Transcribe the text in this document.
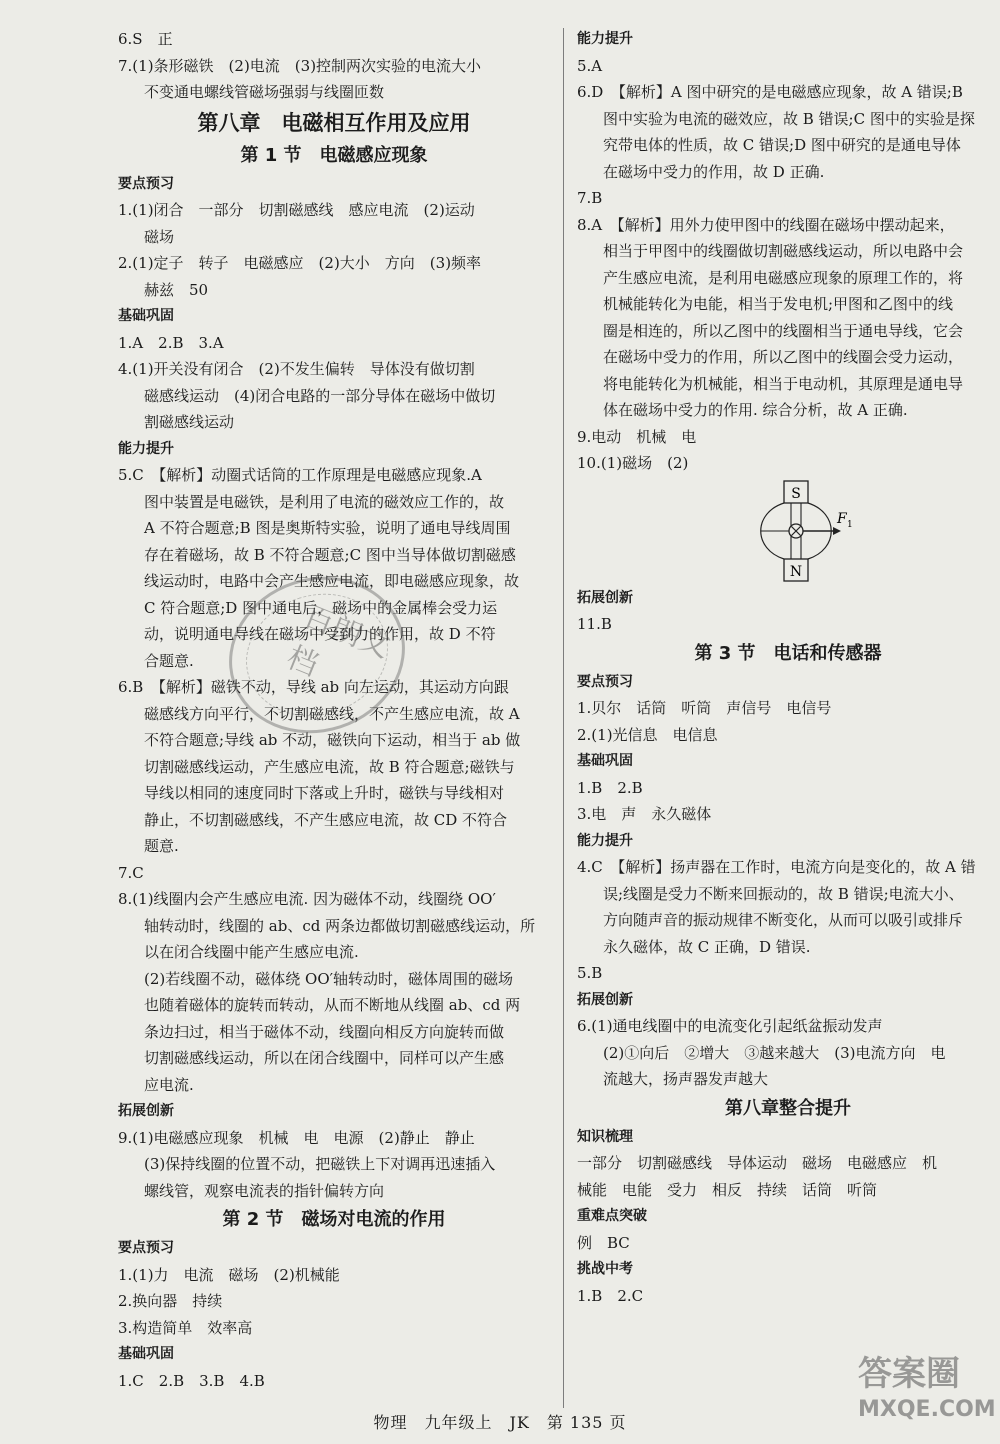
6.S　正

7.(1)条形磁铁　(2)电流　(3)控制两次实验的电流大小

不变通电螺线管磁场强弱与线圈匝数

第八章　电磁相互作用及应用

第 1 节　电磁感应现象

要点预习

1.(1)闭合　一部分　切割磁感线　感应电流　(2)运动

磁场

2.(1)定子　转子　电磁感应　(2)大小　方向　(3)频率

赫兹　50

基础巩固

1.A　2.B　3.A

4.(1)开关没有闭合　(2)不发生偏转　导体没有做切割

磁感线运动　(4)闭合电路的一部分导体在磁场中做切

割磁感线运动

能力提升

5.C　【解析】动圈式话筒的工作原理是电磁感应现象.A

图中装置是电磁铁，是利用了电流的磁效应工作的，故

A 不符合题意;B 图是奥斯特实验，说明了通电导线周围

存在着磁场，故 B 不符合题意;C 图中当导体做切割磁感

线运动时，电路中会产生感应电流，即电磁感应现象，故

C 符合题意;D 图中通电后，磁场中的金属棒会受力运

动，说明通电导线在磁场中受到力的作用，故 D 不符

合题意.

6.B　【解析】磁铁不动，导线 ab 向左运动，其运动方向跟

磁感线方向平行，不切割磁感线，不产生感应电流，故 A

不符合题意;导线 ab 不动，磁铁向下运动，相当于 ab 做

切割磁感线运动，产生感应电流，故 B 符合题意;磁铁与

导线以相同的速度同时下落或上升时，磁铁与导线相对

静止，不切割磁感线，不产生感应电流，故 CD 不符合

题意.

7.C

8.(1)线圈内会产生感应电流. 因为磁体不动，线圈绕 OO′

轴转动时，线圈的 ab、cd 两条边都做切割磁感线运动，所

以在闭合线圈中能产生感应电流.

(2)若线圈不动，磁体绕 OO′轴转动时，磁体周围的磁场

也随着磁体的旋转而转动，从而不断地从线圈 ab、cd 两

条边扫过，相当于磁体不动，线圈向相反方向旋转而做

切割磁感线运动，所以在闭合线圈中，同样可以产生感

应电流.

拓展创新

9.(1)电磁感应现象　机械　电　电源　(2)静止　静止

(3)保持线圈的位置不动，把磁铁上下对调再迅速插入

螺线管，观察电流表的指针偏转方向

第 2 节　磁场对电流的作用

要点预习

1.(1)力　电流　磁场　(2)机械能

2.换向器　持续

3.构造简单　效率高

基础巩固

1.C　2.B　3.B　4.B

能力提升

5.A

6.D　【解析】A 图中研究的是电磁感应现象，故 A 错误;B

图中实验为电流的磁效应，故 B 错误;C 图中的实验是探

究带电体的性质，故 C 错误;D 图中研究的是通电导体

在磁场中受力的作用，故 D 正确.

7.B

8.A　【解析】用外力使甲图中的线圈在磁场中摆动起来，

相当于甲图中的线圈做切割磁感线运动，所以电路中会

产生感应电流，是利用电磁感应现象的原理工作的，将

机械能转化为电能，相当于发电机;甲图和乙图中的线

圈是相连的，所以乙图中的线圈相当于通电导线，它会

在磁场中受力的作用，所以乙图中的线圈会受力运动，

将电能转化为机械能，相当于电动机，其原理是通电导

体在磁场中受力的作用. 综合分析，故 A 正确.

9.电动　机械　电

10.(1)磁场　(2)

S
N
F 1

拓展创新

11.B

第 3 节　电话和传感器

要点预习

1.贝尔　话筒　听筒　声信号　电信号

2.(1)光信息　电信息

基础巩固

1.B　2.B

3.电　声　永久磁体

能力提升

4.C　【解析】扬声器在工作时，电流方向是变化的，故 A 错

误;线圈是受力不断来回振动的，故 B 错误;电流大小、

方向随声音的振动规律不断变化，从而可以吸引或排斥

永久磁体，故 C 正确，D 错误.

5.B

拓展创新

6.(1)通电线圈中的电流变化引起纸盆振动发声

(2)①向后　②增大　③越来越大　(3)电流方向　电

流越大，扬声器发声越大

第八章整合提升

知识梳理

一部分　切割磁感线　导体运动　磁场　电磁感应　机

械能　电能　受力　相反　持续　话筒　听筒

重难点突破

例　BC

挑战中考

1.B　2.C

百朗文档
答案圈
MXQE.COM
物理　九年级上　JK　第 135 页
